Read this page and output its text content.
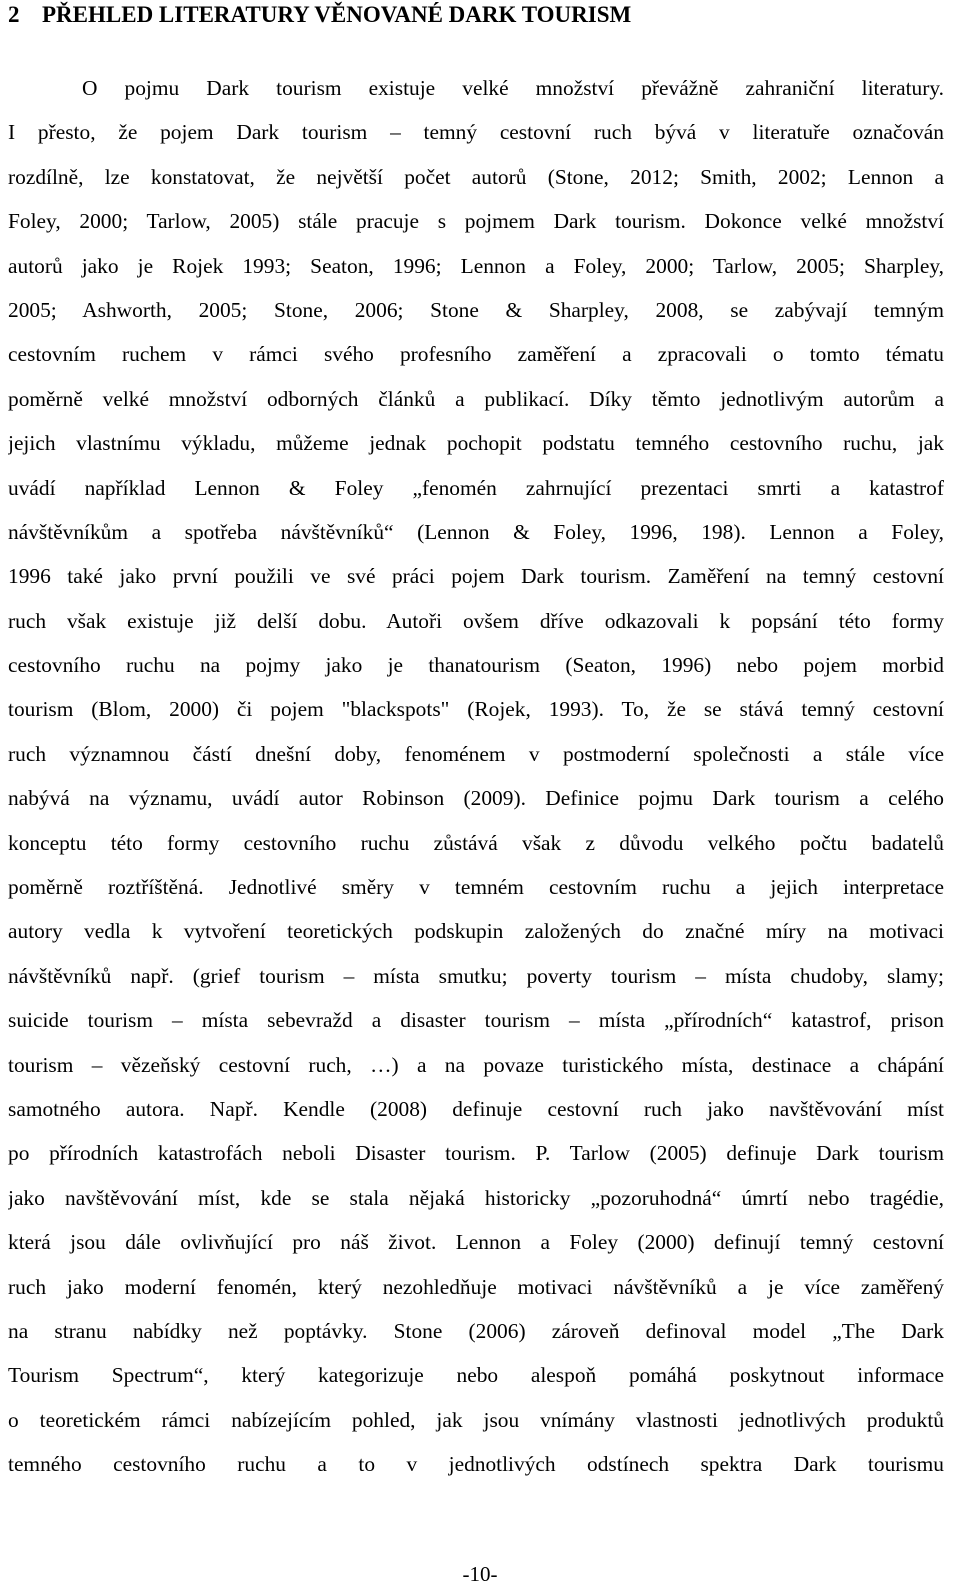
2 PŘEHLED LITERATURY VĚNOVANÉ DARK TOURISM
O pojmu Dark tourism existuje velké množství převážně zahraniční literatury.
I přesto, že pojem Dark tourism – temný cestovní ruch bývá v literatuře označován
rozdílně, lze konstatovat, že největší počet autorů (Stone, 2012; Smith, 2002; Lennon a
Foley, 2000; Tarlow, 2005) stále pracuje s pojmem Dark tourism. Dokonce velké množství
autorů jako je Rojek 1993; Seaton, 1996; Lennon a Foley, 2000; Tarlow, 2005; Sharpley,
2005; Ashworth, 2005; Stone, 2006; Stone & Sharpley, 2008, se zabývají temným
cestovním ruchem v rámci svého profesního zaměření a zpracovali o tomto tématu
poměrně velké množství odborných článků a publikací. Díky těmto jednotlivým autorům a
jejich vlastnímu výkladu, můžeme jednak pochopit podstatu temného cestovního ruchu, jak
uvádí například Lennon & Foley „fenomén zahrnující prezentaci smrti a katastrof
návštěvníkům a spotřeba návštěvníků“ (Lennon & Foley, 1996, 198). Lennon a Foley,
1996 také jako první použili ve své práci pojem Dark tourism. Zaměření na temný cestovní
ruch však existuje již delší dobu. Autoři ovšem dříve odkazovali k popsání této formy
cestovního ruchu na pojmy jako je thanatourism (Seaton, 1996) nebo pojem morbid
tourism (Blom, 2000) či pojem "blackspots" (Rojek, 1993). To, že se stává temný cestovní
ruch významnou částí dnešní doby, fenoménem v postmoderní společnosti a stále více
nabývá na významu, uvádí autor Robinson (2009). Definice pojmu Dark tourism a celého
konceptu této formy cestovního ruchu zůstává však z důvodu velkého počtu badatelů
poměrně roztříštěná. Jednotlivé směry v temném cestovním ruchu a jejich interpretace
autory vedla k vytvoření teoretických podskupin založených do značné míry na motivaci
návštěvníků např. (grief tourism – místa smutku; poverty tourism – místa chudoby, slamy;
suicide tourism – místa sebevražd a disaster tourism – místa „přírodních“ katastrof, prison
tourism – vězeňský cestovní ruch, …) a na povaze turistického místa, destinace a chápání
samotného autora. Např. Kendle (2008) definuje cestovní ruch jako navštěvování míst
po přírodních katastrofách neboli Disaster tourism. P. Tarlow (2005) definuje Dark tourism
jako navštěvování míst, kde se stala nějaká historicky „pozoruhodná“ úmrtí nebo tragédie,
která jsou dále ovlivňující pro náš život. Lennon a Foley (2000) definují temný cestovní
ruch jako moderní fenomén, který nezohledňuje motivaci návštěvníků a je více zaměřený
na stranu nabídky než poptávky. Stone (2006) zároveň definoval model „The Dark
Tourism Spectrum“, který kategorizuje nebo alespoň pomáhá poskytnout informace
o teoretickém rámci nabízejícím pohled, jak jsou vnímány vlastnosti jednotlivých produktů
temného cestovního ruchu a to v jednotlivých odstínech spektra Dark tourismu
-10-
